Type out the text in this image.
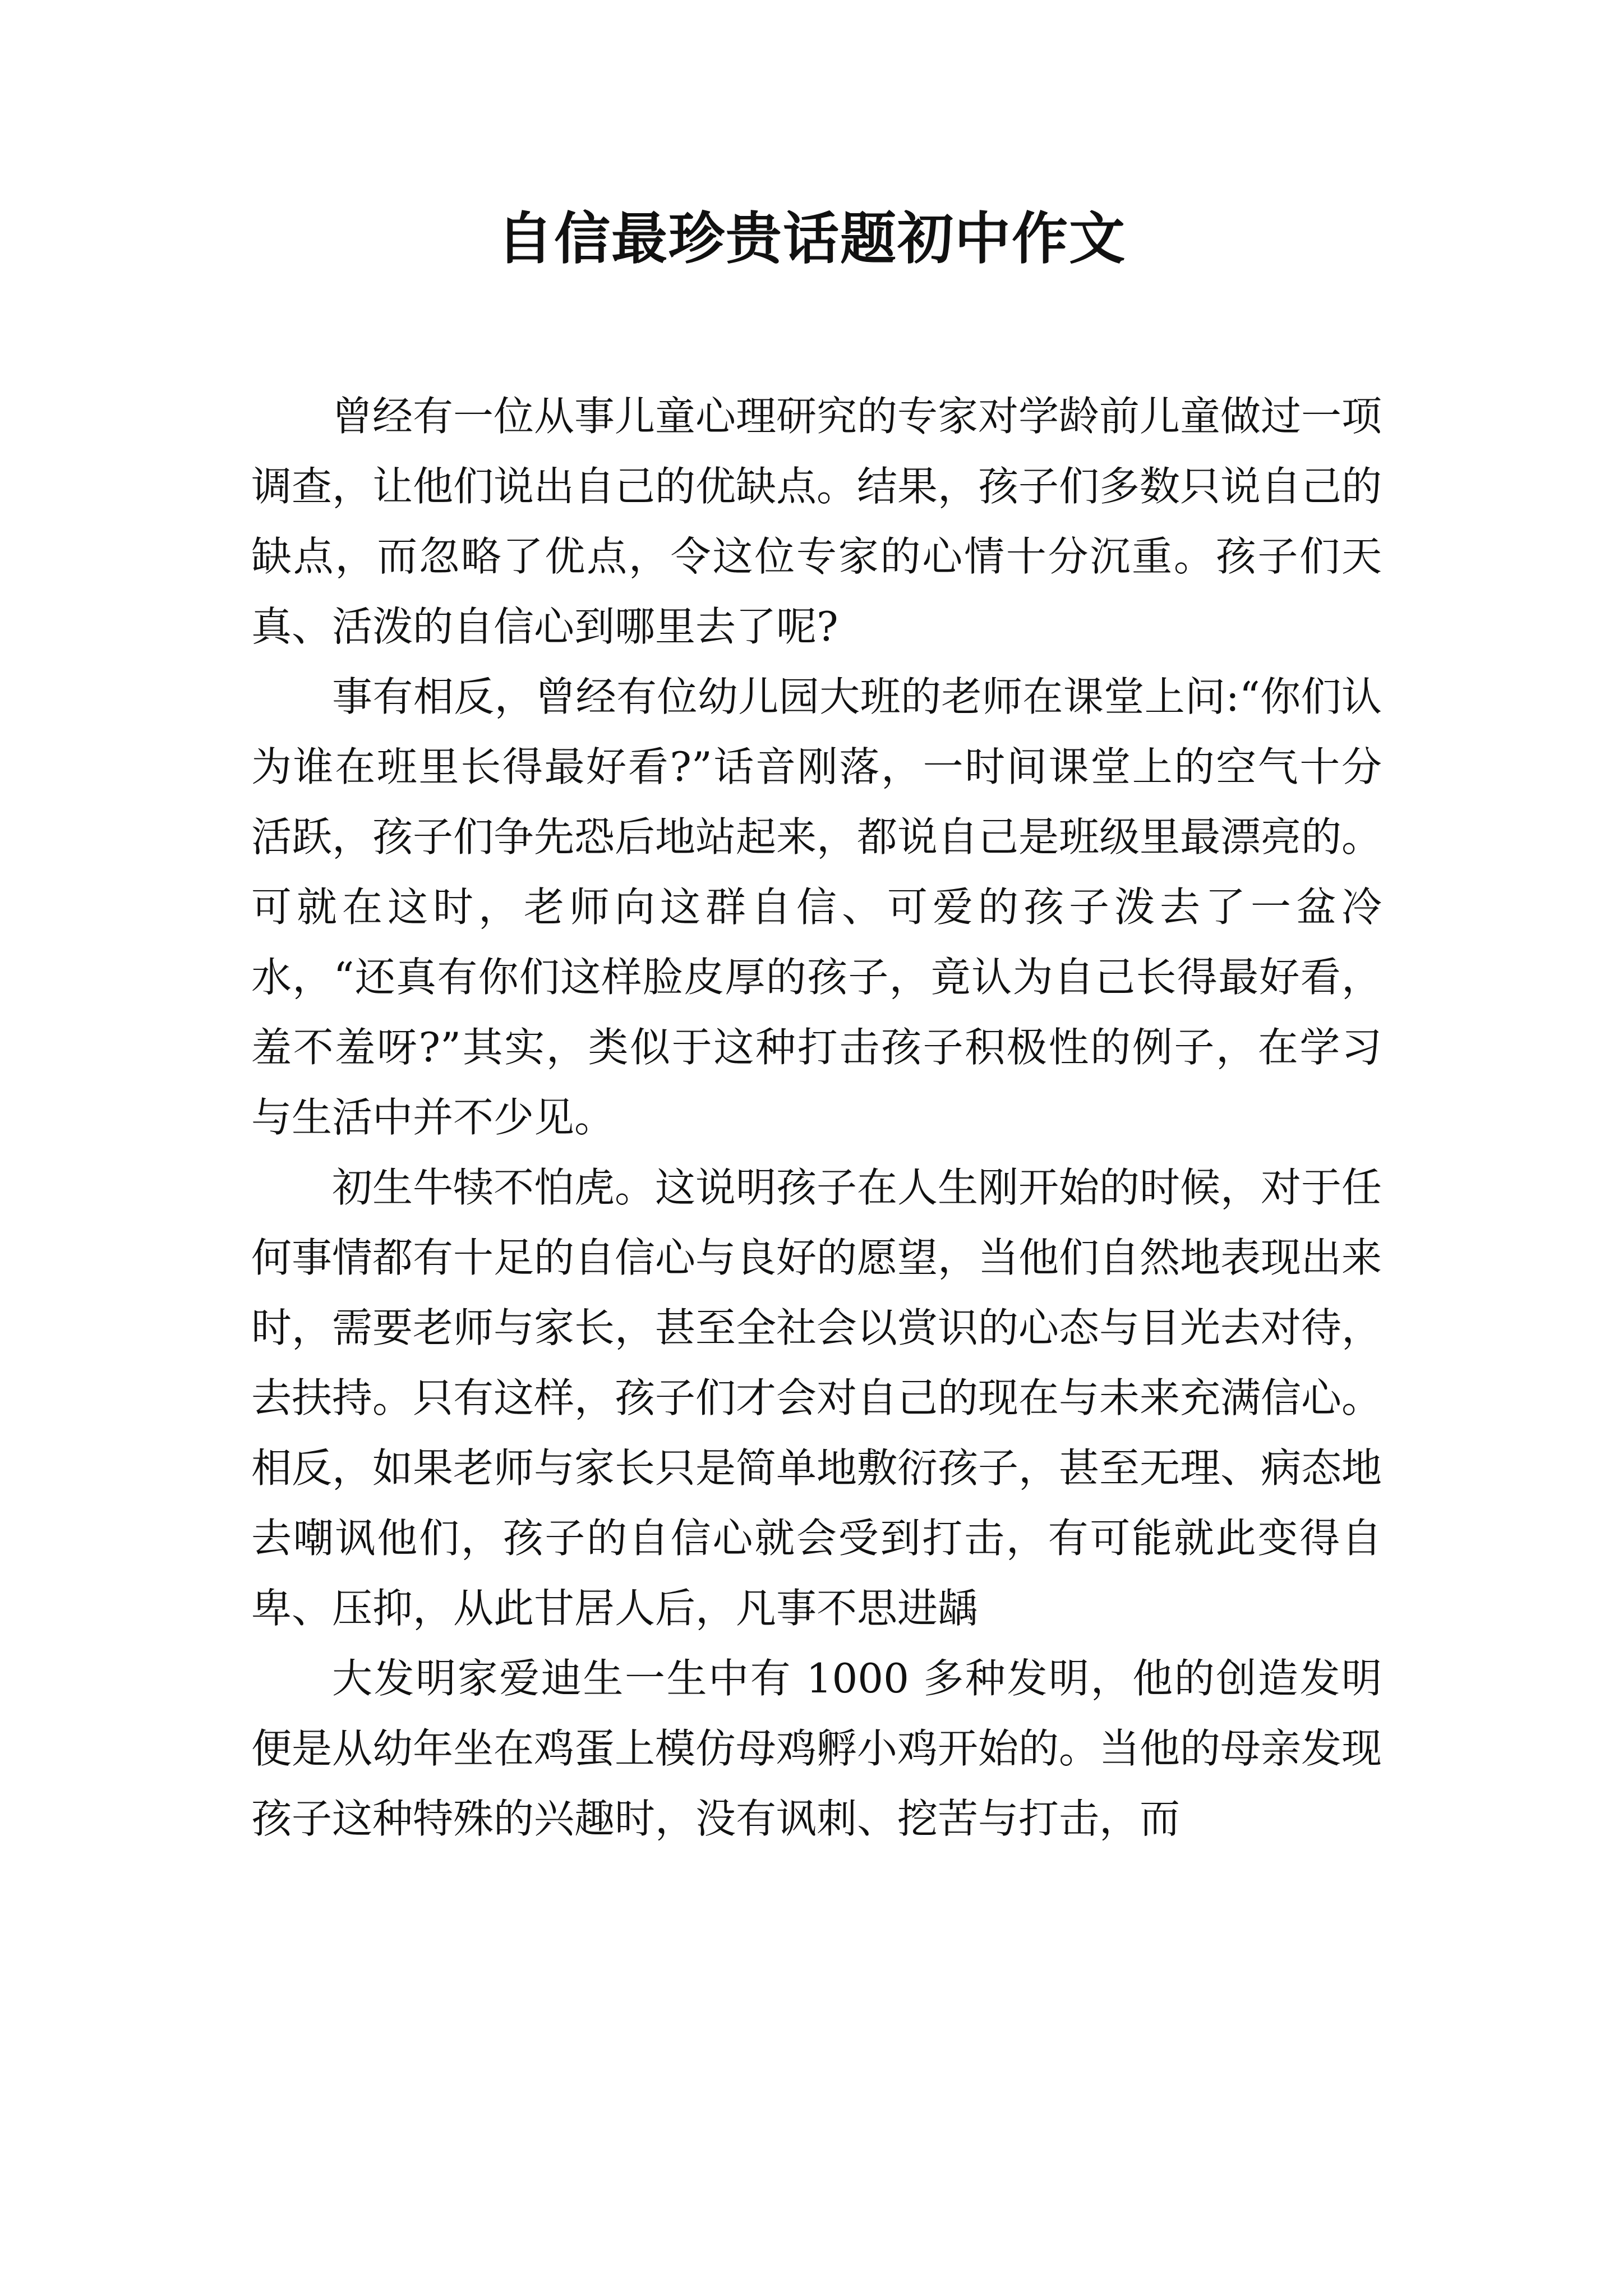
自信最珍贵话题初中作文

曾经有一位从事儿童心理研究的专家对学龄前儿童做过一项调查，让他们说出自己的优缺点。结果，孩子们多数只说自己的缺点，而忽略了优点，令这位专家的心情十分沉重。孩子们天真、活泼的自信心到哪里去了呢?

事有相反，曾经有位幼儿园大班的老师在课堂上问:“你们认为谁在班里长得最好看?”话音刚落，一时间课堂上的空气十分活跃，孩子们争先恐后地站起来，都说自己是班级里最漂亮的。可就在这时，老师向这群自信、可爱的孩子泼去了一盆冷水，“还真有你们这样脸皮厚的孩子，竟认为自己长得最好看，羞不羞呀?”其实，类似于这种打击孩子积极性的例子，在学习与生活中并不少见。

初生牛犊不怕虎。这说明孩子在人生刚开始的时候，对于任何事情都有十足的自信心与良好的愿望，当他们自然地表现出来时，需要老师与家长，甚至全社会以赏识的心态与目光去对待，去扶持。只有这样，孩子们才会对自己的现在与未来充满信心。相反，如果老师与家长只是简单地敷衍孩子，甚至无理、病态地去嘲讽他们，孩子的自信心就会受到打击，有可能就此变得自卑、压抑，从此甘居人后，凡事不思进龋

大发明家爱迪生一生中有 1000 多种发明，他的创造发明便是从幼年坐在鸡蛋上模仿母鸡孵小鸡开始的。当他的母亲发现孩子这种特殊的兴趣时，没有讽刺、挖苦与打击，而
